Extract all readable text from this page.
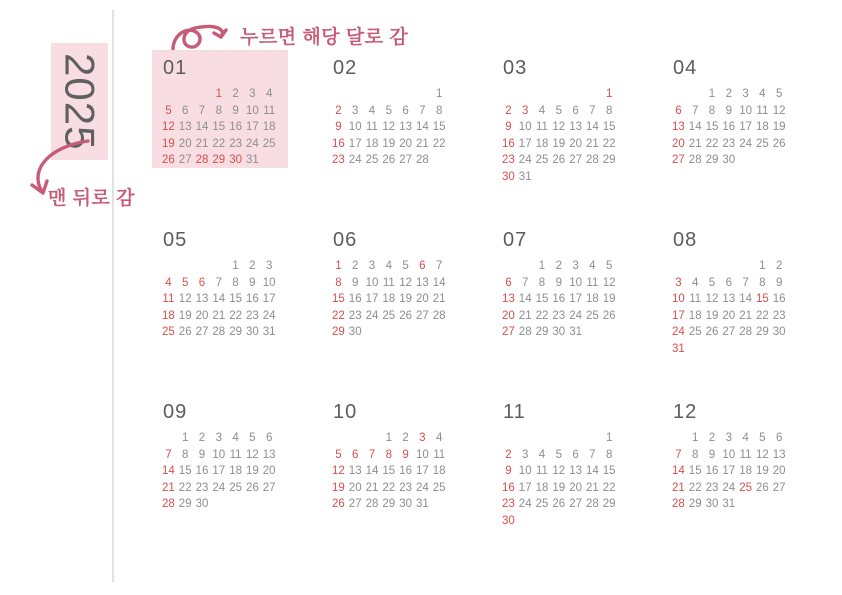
2025
누르면 해당 달로 감
맨 뒤로 감
01
1 2 3 4
5 6 7 8 9 10 11
12 13 14 15 16 17 18
19 20 21 22 23 24 25
26 27 28 29 30 31
02
1
2 3 4 5 6 7 8
9 10 11 12 13 14 15
16 17 18 19 20 21 22
23 24 25 26 27 28
03
1
2 3 4 5 6 7 8
9 10 11 12 13 14 15
16 17 18 19 20 21 22
23 24 25 26 27 28 29
30 31
04
1 2 3 4 5
6 7 8 9 10 11 12
13 14 15 16 17 18 19
20 21 22 23 24 25 26
27 28 29 30
05
1 2 3
4 5 6 7 8 9 10
11 12 13 14 15 16 17
18 19 20 21 22 23 24
25 26 27 28 29 30 31
06
1 2 3 4 5 6 7
8 9 10 11 12 13 14
15 16 17 18 19 20 21
22 23 24 25 26 27 28
29 30
07
1 2 3 4 5
6 7 8 9 10 11 12
13 14 15 16 17 18 19
20 21 22 23 24 25 26
27 28 29 30 31
08
1 2
3 4 5 6 7 8 9
10 11 12 13 14 15 16
17 18 19 20 21 22 23
24 25 26 27 28 29 30
31
09
1 2 3 4 5 6
7 8 9 10 11 12 13
14 15 16 17 18 19 20
21 22 23 24 25 26 27
28 29 30
10
1 2 3 4
5 6 7 8 9 10 11
12 13 14 15 16 17 18
19 20 21 22 23 24 25
26 27 28 29 30 31
11
1
2 3 4 5 6 7 8
9 10 11 12 13 14 15
16 17 18 19 20 21 22
23 24 25 26 27 28 29
30
12
1 2 3 4 5 6
7 8 9 10 11 12 13
14 15 16 17 18 19 20
21 22 23 24 25 26 27
28 29 30 31
